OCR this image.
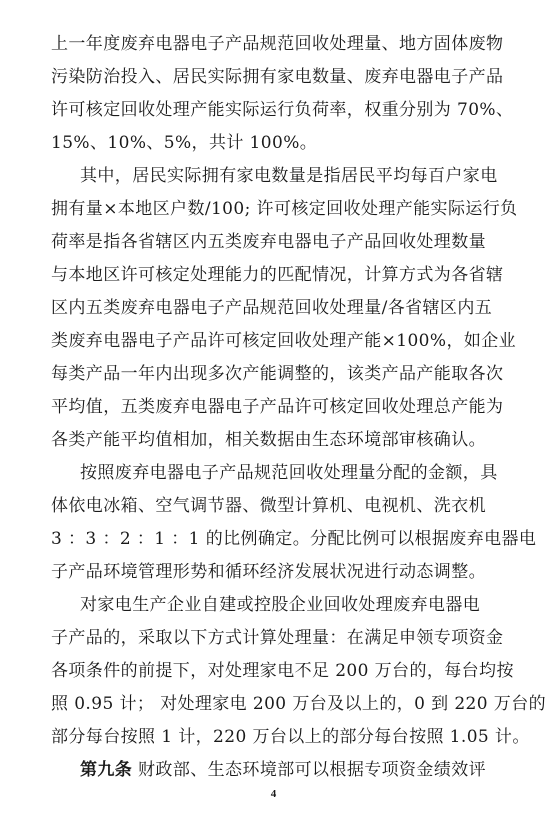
上一年度废弃电器电子产品规范回收处理量、地方固体废物
污染防治投入、居民实际拥有家电数量、废弃电器电子产品
许可核定回收处理产能实际运行负荷率，权重分别为 70%、
15%、10%、5%，共计 100%。
其中，居民实际拥有家电数量是指居民平均每百户家电
拥有量×本地区户数/100; 许可核定回收处理产能实际运行负
荷率是指各省辖区内五类废弃电器电子产品回收处理数量
与本地区许可核定处理能力的匹配情况，计算方式为各省辖
区内五类废弃电器电子产品规范回收处理量/各省辖区内五
类废弃电器电子产品许可核定回收处理产能×100%，如企业
每类产品一年内出现多次产能调整的，该类产品产能取各次
平均值，五类废弃电器电子产品许可核定回收处理总产能为
各类产能平均值相加，相关数据由生态环境部审核确认。
按照废弃电器电子产品规范回收处理量分配的金额，具
体依电冰箱、空气调节器、微型计算机、电视机、洗衣机
3 ：3 ：2 ：1 ：1 的比例确定。分配比例可以根据废弃电器电
子产品环境管理形势和循环经济发展状况进行动态调整。
对家电生产企业自建或控股企业回收处理废弃电器电
子产品的，采取以下方式计算处理量：在满足申领专项资金
各项条件的前提下，对处理家电不足 200 万台的，每台均按
照 0.95 计； 对处理家电 200 万台及以上的，0 到 220 万台的
部分每台按照 1 计，220 万台以上的部分每台按照 1.05 计。
第九条 财政部、生态环境部可以根据专项资金绩效评
4
